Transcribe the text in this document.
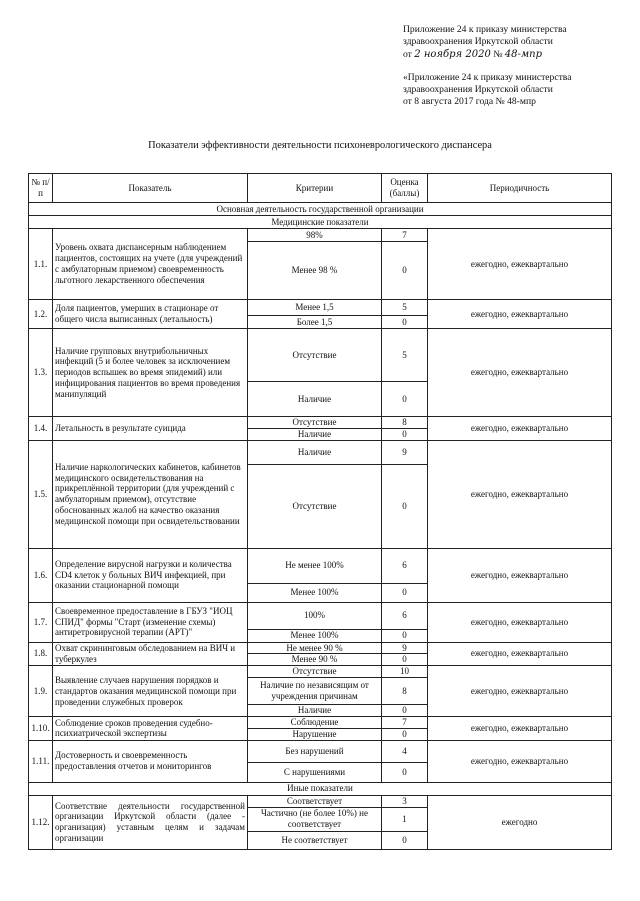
Приложение 24 к приказу министерства

здравоохранения Иркутской области

от 2 ноября 2020 № 48-мпр

«Приложение 24 к приказу министерства

здравоохранения Иркутской области

от 8 августа 2017 года № 48-мпр

Показатели эффективности деятельности психоневрологического диспансера
№ п/п	Показатель	Критерии	Оценка (баллы)	Периодичность
Основная деятельность государственной организации				
Медицинские показатели				
1.1.	Уровень охвата диспансерным наблюдением пациентов, состоящих на учете (для учреждений с амбулаторным приемом) своевременность льготного лекарственного обеспечения	98%	7	ежегодно, ежеквартально
		Менее 98 %	0	
1.2.	Доля пациентов, умерших в стационаре от общего числа выписанных (летальность)	Менее 1,5	5	ежегодно, ежеквартально
		Более 1,5	0	
1.3.	Наличие групповых внутрибольничных инфекций (5 и более человек за исключением периодов вспышек во время эпидемий) или инфицирования пациентов во время проведения манипуляций	Отсутствие	5	ежегодно, ежеквартально
		Наличие	0	
1.4.	Летальность в результате суицида	Отсутствие	8	ежегодно, ежеквартально
		Наличие	0	
1.5.	Наличие наркологических кабинетов, кабинетов медицинского освидетельствования на прикреплённой территории (для учреждений с амбулаторным приемом), отсутствие обоснованных жалоб на качество оказания медицинской помощи при освидетельствовании	Наличие	9	ежегодно, ежеквартально
		Отсутствие	0	
1.6.	Определение вирусной нагрузки и количества CD4 клеток у больных ВИЧ инфекцией, при оказании стационарной помощи	Не менее 100%	6	ежегодно, ежеквартально
		Менее 100%	0	
1.7.	Своевременное предоставление в ГБУЗ "ИОЦ СПИД" формы "Старт (изменение схемы) антиретровирусной терапии (АРТ)"	100%	6	ежегодно, ежеквартально
		Менее 100%	0	
1.8.	Охват скрининговым обследованием на ВИЧ и туберкулез	Не менее 90 %	9	ежегодно, ежеквартально
		Менее 90 %	0	
1.9.	Выявление случаев нарушения порядков и стандартов оказания медицинской помощи при проведении служебных проверок	Отсутствие	10	ежегодно, ежеквартально
		Наличие по независящим от учреждения причинам	8	
		Наличие	0	
1.10.	Соблюдение сроков проведения судебно-психиатрической экспертизы	Соблюдение	7	ежегодно, ежеквартально
		Нарушение	0	
1.11.	Достоверность и своевременность предоставления отчетов и мониторингов	Без нарушений	4	ежегодно, ежеквартально
		С нарушениями	0	
Иные показатели				
1.12.	Соответствие деятельности государственной организации Иркутской области (далее - организация) уставным целям и задачам организации	Соответствует	3	ежегодно
		Частично (не более 10%) не соответствует	1	
		Не соответствует	0	
